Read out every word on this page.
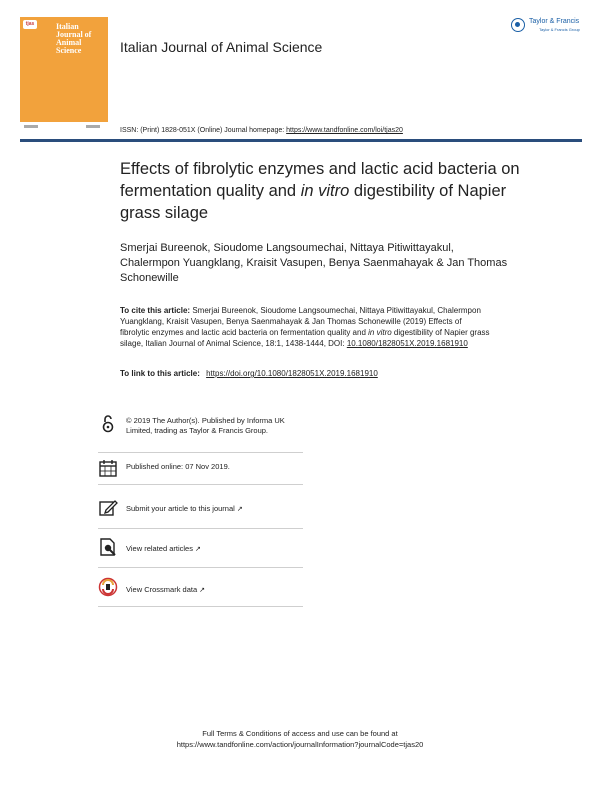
tjas	Italian Journal of Animal Science
	Italian Journal of Animal Science
Taylor & Francis
Taylor & Francis Group
ISSN: (Print) 1828-051X (Online) Journal homepage: https://www.tandfonline.com/loi/tjas20
Effects of fibrolytic enzymes and lactic acid bacteria on fermentation quality and in vitro digestibility of Napier grass silage
Smerjai Bureenok, Sioudome Langsoumechai, Nittaya Pitiwittayakul, Chalermpon Yuangklang, Kraisit Vasupen, Benya Saenmahayak & Jan Thomas Schonewille
To cite this article: Smerjai Bureenok, Sioudome Langsoumechai, Nittaya Pitiwittayakul, Chalermpon Yuangklang, Kraisit Vasupen, Benya Saenmahayak & Jan Thomas Schonewille (2019) Effects of fibrolytic enzymes and lactic acid bacteria on fermentation quality and in vitro digestibility of Napier grass silage, Italian Journal of Animal Science, 18:1, 1438-1444, DOI: 10.1080/1828051X.2019.1681910
To link to this article: https://doi.org/10.1080/1828051X.2019.1681910
© 2019 The Author(s). Published by Informa UK Limited, trading as Taylor & Francis Group.
Published online: 07 Nov 2019.
Submit your article to this journal ↗
View related articles ↗
View Crossmark data ↗
Full Terms & Conditions of access and use can be found at
https://www.tandfonline.com/action/journalInformation?journalCode=tjas20
